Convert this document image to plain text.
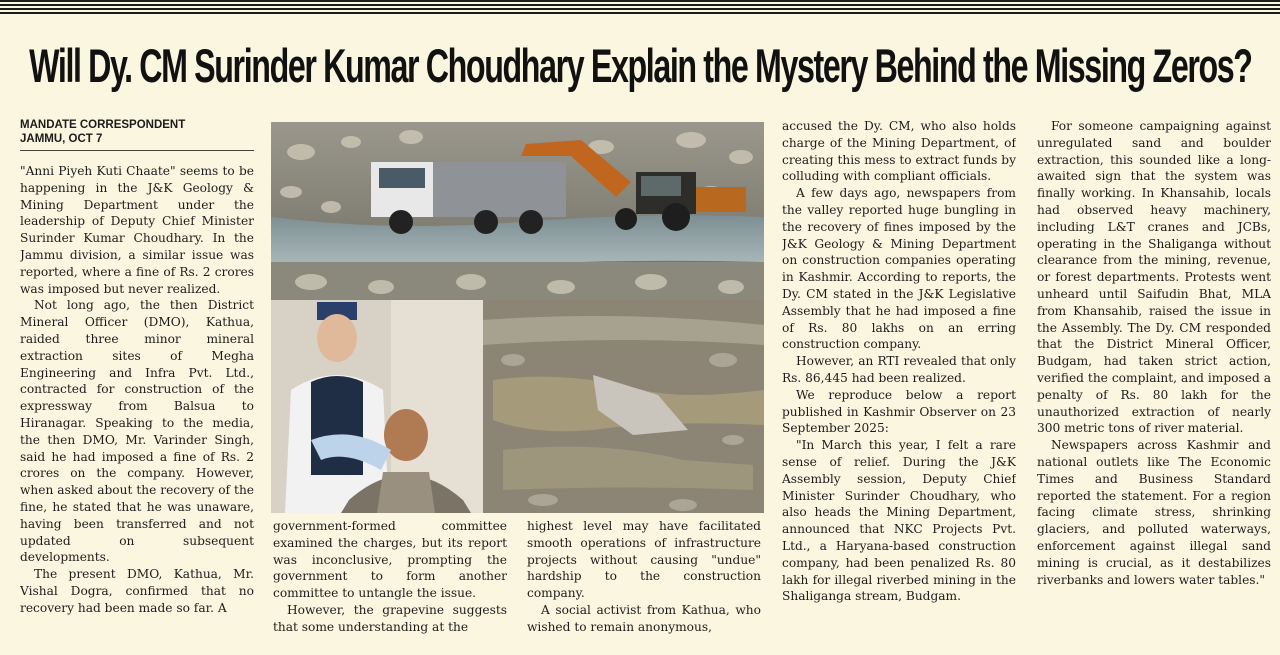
Will Dy. CM Surinder Kumar Choudhary Explain the Mystery Behind the Missing Zeros?
MANDATE CORRESPONDENT
JAMMU, OCT 7

"Anni Piyeh Kuti Chaate" seems to be happening in the J&K Geology & Mining Department under the leadership of Deputy Chief Minister Surinder Kumar Choudhary. In the Jammu division, a similar issue was reported, where a fine of Rs. 2 crores was imposed but never realized.

Not long ago, the then District Mineral Officer (DMO), Kathua, raided three minor mineral extraction sites of Megha Engineering and Infra Pvt. Ltd., contracted for construction of the expressway from Balsua to Hiranagar. Speaking to the media, the then DMO, Mr. Varinder Singh, said he had imposed a fine of Rs. 2 crores on the company. However, when asked about the recovery of the fine, he stated that he was unaware, having been transferred and not updated on subsequent developments.

The present DMO, Kathua, Mr. Vishal Dogra, confirmed that no recovery had been made so far. A

government-formed committee examined the charges, but its report was inconclusive, prompting the government to form another committee to untangle the issue.

However, the grapevine suggests that some understanding at the

highest level may have facilitated smooth operations of infrastructure projects without causing "undue" hardship to the construction company.

A social activist from Kathua, who wished to remain anonymous,

accused the Dy. CM, who also holds charge of the Mining Department, of creating this mess to extract funds by colluding with compliant officials.

A few days ago, newspapers from the valley reported huge bungling in the recovery of fines imposed by the J&K Geology & Mining Department on construction companies operating in Kashmir. According to reports, the Dy. CM stated in the J&K Legislative Assembly that he had imposed a fine of Rs. 80 lakhs on an erring construction company.

However, an RTI revealed that only Rs. 86,445 had been realized.

We reproduce below a report published in Kashmir Observer on 23 September 2025:

"In March this year, I felt a rare sense of relief. During the J&K Assembly session, Deputy Chief Minister Surinder Choudhary, who also heads the Mining Department, announced that NKC Projects Pvt. Ltd., a Haryana-based construction company, had been penalized Rs. 80 lakh for illegal riverbed mining in the Shaliganga stream, Budgam.

For someone campaigning against unregulated sand and boulder extraction, this sounded like a long-awaited sign that the system was finally working. In Khansahib, locals had observed heavy machinery, including L&T cranes and JCBs, operating in the Shaliganga without clearance from the mining, revenue, or forest departments. Protests went unheard until Saifudin Bhat, MLA from Khansahib, raised the issue in the Assembly. The Dy. CM responded that the District Mineral Officer, Budgam, had taken strict action, verified the complaint, and imposed a penalty of Rs. 80 lakh for the unauthorized extraction of nearly 300 metric tons of river material.

Newspapers across Kashmir and national outlets like The Economic Times and Business Standard reported the statement. For a region facing climate stress, shrinking glaciers, and polluted waterways, enforcement against illegal sand mining is crucial, as it destabilizes riverbanks and lowers water tables."
